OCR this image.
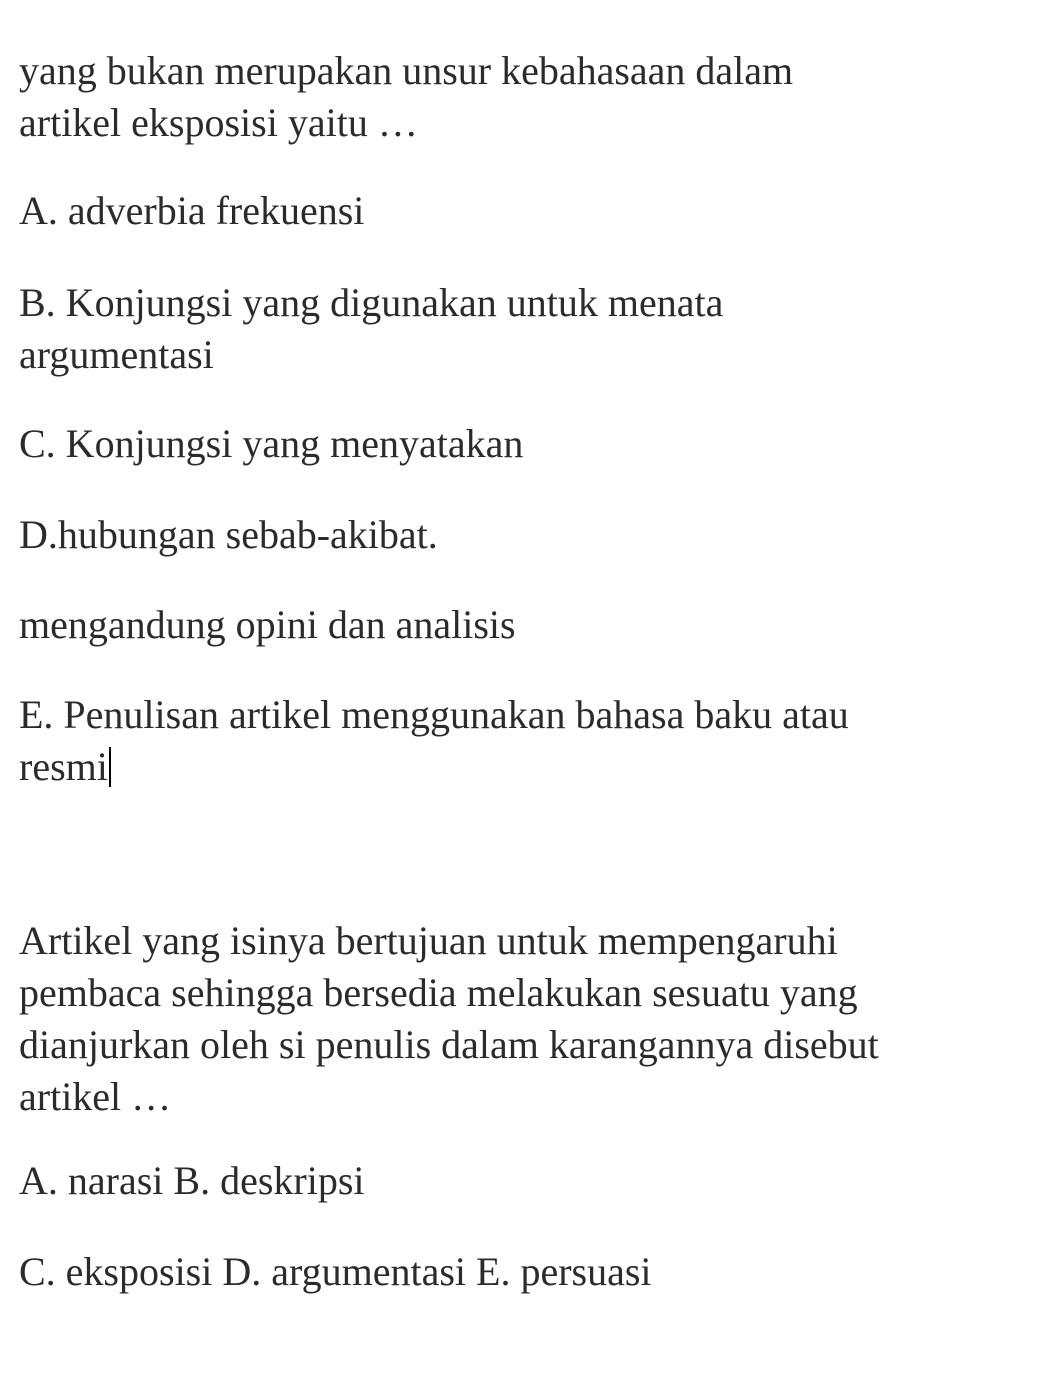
yang bukan merupakan unsur kebahasaan dalam
artikel eksposisi yaitu …
A. adverbia frekuensi
B. Konjungsi yang digunakan untuk menata
argumentasi
C. Konjungsi yang menyatakan
D.hubungan sebab-akibat.
mengandung opini dan analisis
E. Penulisan artikel menggunakan bahasa baku atau
resmi
Artikel yang isinya bertujuan untuk mempengaruhi
pembaca sehingga bersedia melakukan sesuatu yang
dianjurkan oleh si penulis dalam karangannya disebut
artikel …
A. narasi B. deskripsi
C. eksposisi D. argumentasi E. persuasi
